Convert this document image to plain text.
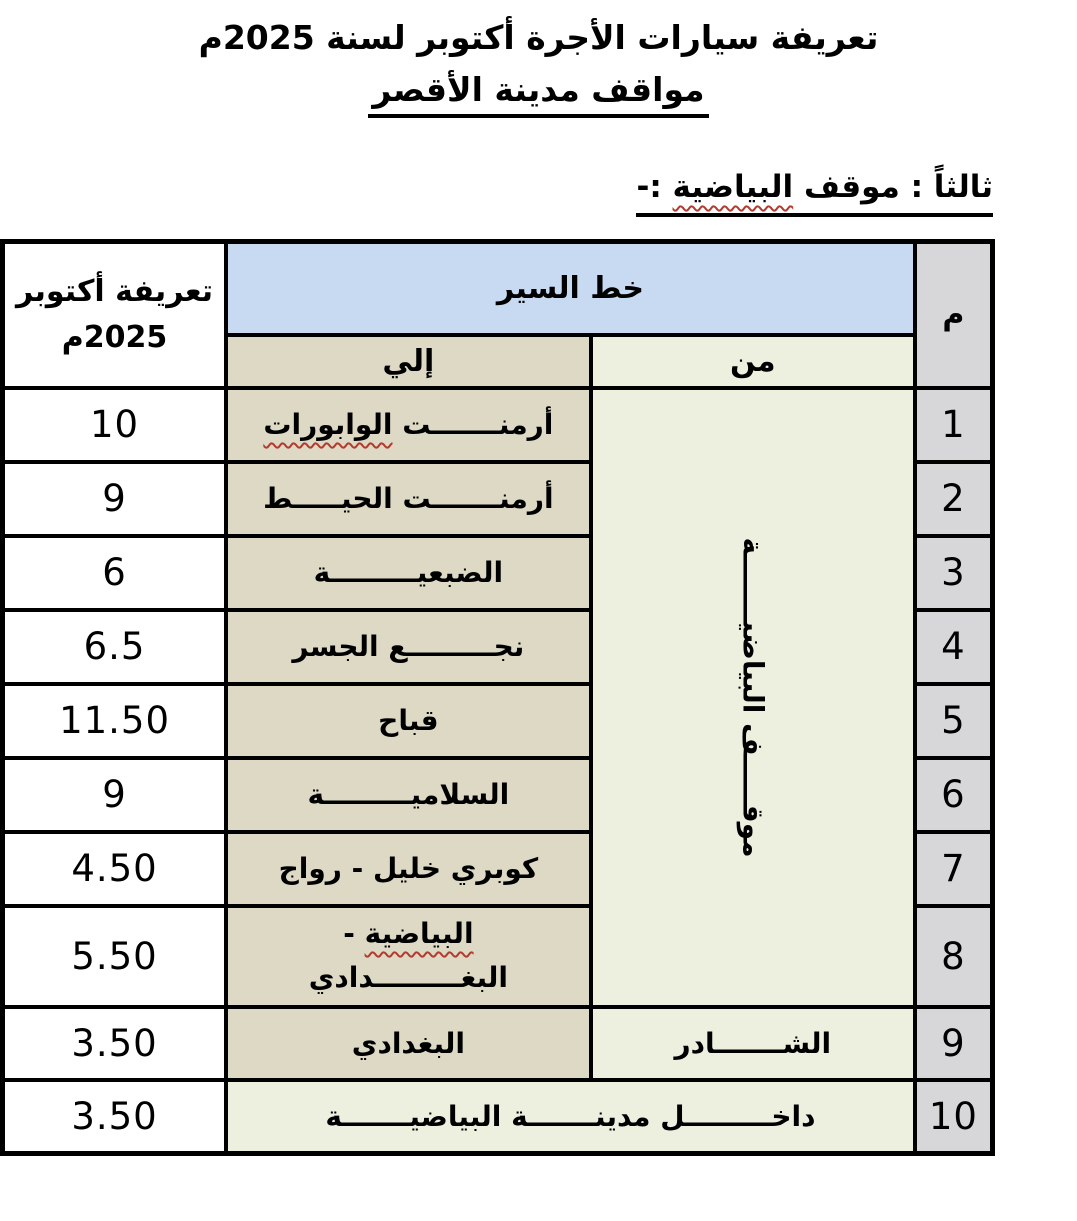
تعريفة سيارات الأجرة أكتوبر لسنة 2025م
مواقف مدينة الأقصر
ثالثاً : موقف البياضية :-
م	خط السير		تعريفة أكتوبر
2025م

	من	إلي	
1	موقـــــف البياضيـــــــة	أرمنـــــــت الوابورات	10
2		أرمنـــــــت الحيـــــط	9
3		الضبعيـــــــــة	6
4		نجـــــــــع الجسر	6.5
5		قباح	11.50
6		السلاميـــــــــة	9
7		كوبري خليل - رواج	4.50
8		البياضية -
البغـــــــــدادي	5.50
9	الشـــــــادر	البغدادي	3.50
10	داخـــــــــل مدينـــــــة البياضيـــــــة		3.50
